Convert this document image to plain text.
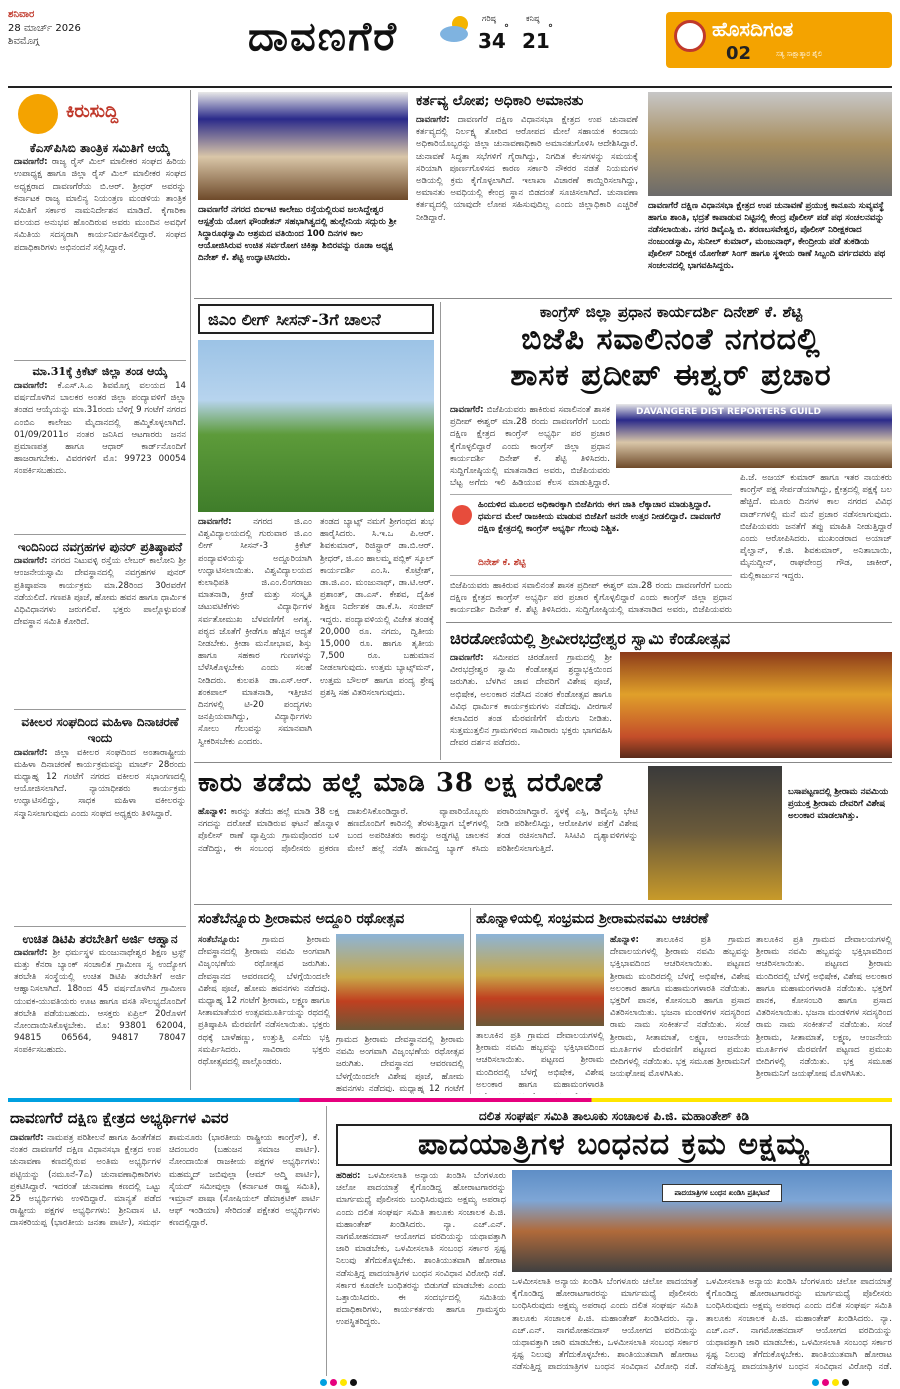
ಶನಿವಾರ
28 ಮಾರ್ಚ್ 2026
ಶಿವಮೊಗ್ಗ	ದಾವಣಗೆರೆ	ಗರಿಷ್ಠ
34
°
ಕನಿಷ್ಠ
21
°	ಹೊಸದಿಗಂತ
02	ಸತ್ಯ ಸಾಕ್ಷಾತ್ಕಾರ ಶೈಲಿ
ಕಿರುಸುದ್ದಿ
ಕೆಎಸ್‌ಪಿಸಿಬಿ ತಾಂತ್ರಿಕ ಸಮಿತಿಗೆ ಆಯ್ಕೆ
ದಾವಣಗೆರೆ: ರಾಜ್ಯ ರೈಸ್ ಮಿಲ್ ಮಾಲೀಕರ ಸಂಘದ ಹಿರಿಯ ಉಪಾಧ್ಯಕ್ಷ ಹಾಗೂ ಜಿಲ್ಲಾ ರೈಸ್ ಮಿಲ್ ಮಾಲೀಕರ ಸಂಘದ ಅಧ್ಯಕ್ಷರಾದ ದಾವಣಗೆರೆಯ ಬಿ.ಆರ್. ಶ್ರೀಧರ್ ಅವರನ್ನು ಕರ್ನಾಟಕ ರಾಜ್ಯ ಮಾಲಿನ್ಯ ನಿಯಂತ್ರಣ ಮಂಡಳಿಯ ತಾಂತ್ರಿಕ ಸಮಿತಿಗೆ ಸರ್ಕಾರ ನಾಮನಿರ್ದೇಶನ ಮಾಡಿದೆ. ಕೈಗಾರಿಕಾ ವಲಯದ ಅನುಭವ ಹೊಂದಿರುವ ಅವರು ಮುಂದಿನ ಅವಧಿಗೆ ಸಮಿತಿಯ ಸದಸ್ಯರಾಗಿ ಕಾರ್ಯನಿರ್ವಹಿಸಲಿದ್ದಾರೆ. ಸಂಘದ ಪದಾಧಿಕಾರಿಗಳು ಅಭಿನಂದನೆ ಸಲ್ಲಿಸಿದ್ದಾರೆ.
ಮಾ.31ಕ್ಕೆ ಕ್ರಿಕೆಟ್ ಜಿಲ್ಲಾ ತಂಡ ಆಯ್ಕೆ
ದಾವಣಗೆರೆ: ಕೆ.ಎಸ್.ಸಿ.ಎ ಶಿವಮೊಗ್ಗ ವಲಯದ 14 ವರ್ಷದೊಳಗಿನ ಬಾಲಕರ ಅಂತರ ಜಿಲ್ಲಾ ಪಂದ್ಯಾವಳಿಗೆ ಜಿಲ್ಲಾ ತಂಡದ ಆಯ್ಕೆಯನ್ನು ಮಾ.31ರಂದು ಬೆಳಿಗ್ಗೆ 9 ಗಂಟೆಗೆ ನಗರದ ಎಂಬಿಎ ಕಾಲೇಜು ಮೈದಾನದಲ್ಲಿ ಹಮ್ಮಿಕೊಳ್ಳಲಾಗಿದೆ. 01/09/2011ರ ನಂತರ ಜನಿಸಿದ ಆಟಗಾರರು ಜನನ ಪ್ರಮಾಣಪತ್ರ ಹಾಗೂ ಆಧಾರ್ ಕಾರ್ಡ್‌ನೊಂದಿಗೆ ಹಾಜರಾಗಬೇಕು. ವಿವರಗಳಿಗೆ ಮೊ: 99723 00054 ಸಂಪರ್ಕಿಸಬಹುದು.
ಇಂದಿನಿಂದ ನವಗ್ರಹಗಳ ಪುನರ್ ಪ್ರತಿಷ್ಠಾಪನೆ
ದಾವಣಗೆರೆ: ನಗರದ ನಿಟುವಳ್ಳಿ ರಸ್ತೆಯ ಲೇಬರ್ ಕಾಲೋನಿ ಶ್ರೀ ಆಂಜನೇಯಸ್ವಾಮಿ ದೇವಸ್ಥಾನದಲ್ಲಿ ನವಗ್ರಹಗಳ ಪುನರ್ ಪ್ರತಿಷ್ಠಾಪನಾ ಕಾರ್ಯಕ್ರಮ ಮಾ.28ರಿಂದ 30ರವರೆಗೆ ನಡೆಯಲಿದೆ. ಗಣಪತಿ ಪೂಜೆ, ಹೋಮ ಹವನ ಹಾಗೂ ಧಾರ್ಮಿಕ ವಿಧಿವಿಧಾನಗಳು ಜರುಗಲಿವೆ. ಭಕ್ತರು ಪಾಲ್ಗೊಳ್ಳುವಂತೆ ದೇವಸ್ಥಾನ ಸಮಿತಿ ಕೋರಿದೆ.
ವಕೀಲರ ಸಂಘದಿಂದ ಮಹಿಳಾ ದಿನಾಚರಣೆ ಇಂದು
ದಾವಣಗೆರೆ: ಜಿಲ್ಲಾ ವಕೀಲರ ಸಂಘದಿಂದ ಅಂತಾರಾಷ್ಟ್ರೀಯ ಮಹಿಳಾ ದಿನಾಚರಣೆ ಕಾರ್ಯಕ್ರಮವನ್ನು ಮಾರ್ಚ್ 28ರಂದು ಮಧ್ಯಾಹ್ನ 12 ಗಂಟೆಗೆ ನಗರದ ವಕೀಲರ ಸಭಾಂಗಣದಲ್ಲಿ ಆಯೋಜಿಸಲಾಗಿದೆ. ನ್ಯಾಯಾಧೀಶರು ಕಾರ್ಯಕ್ರಮ ಉದ್ಘಾಟಿಸಲಿದ್ದು, ಸಾಧಕ ಮಹಿಳಾ ವಕೀಲರನ್ನು ಸನ್ಮಾನಿಸಲಾಗುವುದು ಎಂದು ಸಂಘದ ಅಧ್ಯಕ್ಷರು ತಿಳಿಸಿದ್ದಾರೆ.
ಉಚಿತ ಡಿಟಿಪಿ ತರಬೇತಿಗೆ ಅರ್ಜಿ ಆಹ್ವಾನ
ದಾವಣಗೆರೆ: ಶ್ರೀ ಧರ್ಮಸ್ಥಳ ಮಂಜುನಾಥೇಶ್ವರ ಶಿಕ್ಷಣ ಟ್ರಸ್ಟ್ ಮತ್ತು ಕೆನರಾ ಬ್ಯಾಂಕ್ ಸಂಚಾಲಿತ ಗ್ರಾಮೀಣ ಸ್ವ ಉದ್ಯೋಗ ತರಬೇತಿ ಸಂಸ್ಥೆಯಲ್ಲಿ ಉಚಿತ ಡಿಟಿಪಿ ತರಬೇತಿಗೆ ಅರ್ಜಿ ಆಹ್ವಾನಿಸಲಾಗಿದೆ. 18ರಿಂದ 45 ವರ್ಷದೊಳಗಿನ ಗ್ರಾಮೀಣ ಯುವಕ-ಯುವತಿಯರು ಊಟ ಹಾಗೂ ವಸತಿ ಸೌಲಭ್ಯದೊಂದಿಗೆ ತರಬೇತಿ ಪಡೆಯಬಹುದು. ಆಸಕ್ತರು ಏಪ್ರಿಲ್ 20ರೊಳಗೆ ನೋಂದಾಯಿಸಿಕೊಳ್ಳಬೇಕು. ಮೊ: 93801 62004, 94815 06564, 94817 78047 ಸಂಪರ್ಕಿಸಬಹುದು.
ದಾವಣಗೆರೆ ನಗರದ ಬಿಐಇಟಿ ಕಾಲೇಜು ರಸ್ತೆಯಲ್ಲಿರುವ ಜಲಸಿದ್ದೇಶ್ವರ ಆಸ್ಪತ್ರೆಯ ಯೋಗ ಫೌಂಡೇಶನ್ ಸಹಭಾಗಿತ್ವದಲ್ಲಿ ಹುಲ್ಲೇನಿಯ ಸದ್ಗುರು ಶ್ರೀ ಸಿದ್ಧಾರೂಢಸ್ವಾಮಿ ಆಶ್ರಮದ ವತಿಯಿಂದ 100 ದಿನಗಳ ಕಾಲ ಆಯೋಜಿಸಿರುವ ಉಚಿತ ಸರ್ವರೋಗ ಚಿಕಿತ್ಸಾ ಶಿಬಿರವನ್ನು ರೂಡಾ ಅಧ್ಯಕ್ಷ ದಿನೇಶ್ ಕೆ. ಶೆಟ್ಟಿ ಉದ್ಘಾಟಿಸಿದರು.
ಕರ್ತವ್ಯ ಲೋಪ; ಅಧಿಕಾರಿ ಅಮಾನತು
ದಾವಣಗೆರೆ: ದಾವಣಗೆರೆ ದಕ್ಷಿಣ ವಿಧಾನಸಭಾ ಕ್ಷೇತ್ರದ ಉಪ ಚುನಾವಣೆ ಕರ್ತವ್ಯದಲ್ಲಿ ನಿರ್ಲಕ್ಷ್ಯ ತೋರಿದ ಆರೋಪದ ಮೇಲೆ ಸಹಾಯಕ ಕಂದಾಯ ಅಧಿಕಾರಿಯೊಬ್ಬರನ್ನು ಜಿಲ್ಲಾ ಚುನಾವಣಾಧಿಕಾರಿ ಅಮಾನತುಗೊಳಿಸಿ ಆದೇಶಿಸಿದ್ದಾರೆ. ಚುನಾವಣೆ ಸಿದ್ಧತಾ ಸಭೆಗಳಿಗೆ ಗೈರಾಗಿದ್ದು, ನಿಗದಿತ ಕೆಲಸಗಳನ್ನು ಸಮಯಕ್ಕೆ ಸರಿಯಾಗಿ ಪೂರ್ಣಗೊಳಿಸದ ಕಾರಣ ಸರ್ಕಾರಿ ನೌಕರರ ನಡತೆ ನಿಯಮಗಳ ಅಡಿಯಲ್ಲಿ ಕ್ರಮ ಕೈಗೊಳ್ಳಲಾಗಿದೆ. ಇಲಾಖಾ ವಿಚಾರಣೆ ಕಾಯ್ದಿರಿಸಲಾಗಿದ್ದು, ಅಮಾನತು ಅವಧಿಯಲ್ಲಿ ಕೇಂದ್ರ ಸ್ಥಾನ ಬಿಡದಂತೆ ಸೂಚಿಸಲಾಗಿದೆ. ಚುನಾವಣಾ ಕರ್ತವ್ಯದಲ್ಲಿ ಯಾವುದೇ ಲೋಪ ಸಹಿಸುವುದಿಲ್ಲ ಎಂದು ಜಿಲ್ಲಾಧಿಕಾರಿ ಎಚ್ಚರಿಕೆ ನೀಡಿದ್ದಾರೆ.
ದಾವಣಗೆರೆ ದಕ್ಷಿಣ ವಿಧಾನಸಭಾ ಕ್ಷೇತ್ರದ ಉಪ ಚುನಾವಣೆ ಪ್ರಯುಕ್ತ ಕಾನೂನು ಸುವ್ಯವಸ್ಥೆ ಹಾಗೂ ಶಾಂತಿ, ಭದ್ರತೆ ಕಾಪಾಡುವ ನಿಟ್ಟಿನಲ್ಲಿ ಕೇಂದ್ರ ಪೊಲೀಸ್ ಪಡೆ ಪಥ ಸಂಚಲನವನ್ನು ನಡೆಸಲಾಯಿತು. ನಗರ ಡಿವೈಎಸ್ಪಿ ಬಿ. ಶರಣಬಸವೇಶ್ವರ, ಪೊಲೀಸ್ ನಿರೀಕ್ಷಕರಾದ ನಂಜುಂಡಸ್ವಾಮಿ, ಸುನೀಲ್ ಕುಮಾರ್, ಮಂಜುನಾಥ್, ಕೇಂದ್ರೀಯ ಪಡೆ ತುಕಡಿಯ ಪೊಲೀಸ್ ನಿರೀಕ್ಷಕ ಯೋಗೇಶ್ ಸಿಂಗ್ ಹಾಗೂ ಸ್ಥಳೀಯ ಠಾಣೆ ಸಿಬ್ಬಂದಿ ವರ್ಗದವರು ಪಥ ಸಂಚಲನದಲ್ಲಿ ಭಾಗವಹಿಸಿದ್ದರು.
ಜಿಎಂ ಲೀಗ್ ಸೀಸನ್-3ಗೆ ಚಾಲನೆ
ದಾವಣಗೆರೆ:	ನಗರದ ಜಿ.ಎಂ ವಿಶ್ವವಿದ್ಯಾಲಯದಲ್ಲಿ ಗುರುವಾರ ಜಿ.ಎಂ ಲೀಗ್ ಸೀಸನ್-3 ಕ್ರಿಕೆಟ್ ಪಂದ್ಯಾವಳಿಯನ್ನು ಅದ್ದೂರಿಯಾಗಿ ಉದ್ಘಾಟಿಸಲಾಯಿತು. ವಿಶ್ವವಿದ್ಯಾಲಯದ ಕುಲಾಧಿಪತಿ ಜಿ.ಎಂ.ಲಿಂಗರಾಜು ಮಾತನಾಡಿ, ಕ್ರೀಡೆ ಮತ್ತು ಸಂಸ್ಕೃತಿ ಚಟುವಟಿಕೆಗಳು ವಿದ್ಯಾರ್ಥಿಗಳ ಸರ್ವತೋಮುಖ ಬೆಳವಣಿಗೆಗೆ ಅಗತ್ಯ. ಪಠ್ಯದ ಜೊತೆಗೆ ಕ್ರೀಡೆಗೂ ಹೆಚ್ಚಿನ ಆದ್ಯತೆ ನೀಡಬೇಕು. ಕ್ರೀಡಾ ಮನೋಭಾವ, ಶಿಸ್ತು ಹಾಗೂ ಸಹಕಾರ ಗುಣಗಳನ್ನು ಬೆಳೆಸಿಕೊಳ್ಳಬೇಕು ಎಂದು ಸಲಹೆ ನೀಡಿದರು. ಕುಲಪತಿ ಡಾ.ಎಸ್.ಆರ್. ಶಂಕಪಾಲ್ ಮಾತನಾಡಿ, ಇತ್ತೀಚಿನ ದಿನಗಳಲ್ಲಿ ಟಿ-20 ಪಂದ್ಯಗಳು ಜನಪ್ರಿಯವಾಗಿದ್ದು, ವಿದ್ಯಾರ್ಥಿಗಳು ಸೋಲು ಗೆಲುವನ್ನು ಸಮಾನವಾಗಿ ಸ್ವೀಕರಿಸಬೇಕು ಎಂದರು.
ತಂಡದ ಬ್ಯಾಟ್ಸ್ ನಮಗೆ ಶ್ರೀಗಂಧದ ಶುಭ ಹಾರೈಸಿದರು. ಸಿ.ಇ.ಒ ಪಿ.ಆರ್. ಶಿವಕುಮಾರ್, ರಿಜಿಸ್ಟ್ರಾರ್ ಡಾ.ಬಿ.ಆರ್. ಶ್ರೀಧರ್, ಜಿ.ಎಂ ಹಾಲಮ್ಮ ಪಬ್ಲಿಕ್ ಸ್ಕೂಲ್ ಕಾರ್ಯದರ್ಶಿ ಎಂ.ಸಿ. ಕೊಟ್ರೇಶ್, ಡಾ.ಜಿ.ಎಂ. ಮಂಜುನಾಥ್, ಡಾ.ಟಿ.ಆರ್. ಪ್ರಶಾಂತ್, ಡಾ.ಎಸ್. ಕೇಶವ, ದೈಹಿಕ ಶಿಕ್ಷಣ ನಿರ್ದೇಶಕ ಡಾ.ಕೆ.ಸಿ. ಸಂಜೀವ್ ಇದ್ದರು. ಪಂದ್ಯಾವಳಿಯಲ್ಲಿ ವಿಜೇತ ತಂಡಕ್ಕೆ 20,000 ರೂ. ನಗದು, ದ್ವಿತೀಯ 15,000 ರೂ. ಹಾಗೂ ತೃತೀಯ 7,500 ರೂ. ಬಹುಮಾನ ನೀಡಲಾಗುವುದು. ಉತ್ತಮ ಬ್ಯಾಟ್ಸ್‌ಮನ್, ಉತ್ತಮ ಬೌಲರ್ ಹಾಗೂ ಪಂದ್ಯ ಶ್ರೇಷ್ಠ ಪ್ರಶಸ್ತಿ ಸಹ ವಿತರಿಸಲಾಗುವುದು.
ಕಾಂಗ್ರೆಸ್ ಜಿಲ್ಲಾ ಪ್ರಧಾನ ಕಾರ್ಯದರ್ಶಿ ದಿನೇಶ್ ಕೆ. ಶೆಟ್ಟಿ
ಬಿಜೆಪಿ ಸವಾಲಿನಂತೆ ನಗರದಲ್ಲಿ
ಶಾಸಕ ಪ್ರದೀಪ್ ಈಶ್ವರ್ ಪ್ರಚಾರ
ದಾವಣಗೆರೆ: ಬಿಜೆಪಿಯವರು ಹಾಕಿರುವ ಸವಾಲಿನಂತೆ ಶಾಸಕ ಪ್ರದೀಪ್ ಈಶ್ವರ್ ಮಾ.28 ರಂದು ದಾವಣಗೆರೆಗೆ ಬಂದು ದಕ್ಷಿಣ ಕ್ಷೇತ್ರದ ಕಾಂಗ್ರೆಸ್ ಅಭ್ಯರ್ಥಿ ಪರ ಪ್ರಚಾರ ಕೈಗೊಳ್ಳಲಿದ್ದಾರೆ ಎಂದು ಕಾಂಗ್ರೆಸ್ ಜಿಲ್ಲಾ ಪ್ರಧಾನ ಕಾರ್ಯದರ್ಶಿ ದಿನೇಶ್ ಕೆ. ಶೆಟ್ಟಿ ತಿಳಿಸಿದರು. ಸುದ್ದಿಗೋಷ್ಠಿಯಲ್ಲಿ ಮಾತನಾಡಿದ ಅವರು, ಬಿಜೆಪಿಯವರು ಬೆಟ್ಟ ಅಗೆದು ಇಲಿ ಹಿಡಿಯುವ ಕೆಲಸ ಮಾಡುತ್ತಿದ್ದಾರೆ.
DAVANGERE DIST REPORTERS GUILD
ಹಿಂದುಳಿದ ಮೂಲದ ಅಧಿಕಾರಕ್ಕಾಗಿ ಬಿಜೆಪಿಗರು ಈಗ ಜಾತಿ ಲೆಕ್ಕಾಚಾರ ಮಾಡುತ್ತಿದ್ದಾರೆ. ಧರ್ಮದ ಮೇಲೆ ರಾಜಕೀಯ ಮಾಡುವ ಬಿಜೆಪಿಗೆ ಜನರೇ ಉತ್ತರ ನೀಡಲಿದ್ದಾರೆ. ದಾವಣಗೆರೆ ದಕ್ಷಿಣ ಕ್ಷೇತ್ರದಲ್ಲಿ ಕಾಂಗ್ರೆಸ್ ಅಭ್ಯರ್ಥಿ ಗೆಲುವು ನಿಶ್ಚಿತ.
ದಿನೇಶ್ ಕೆ. ಶೆಟ್ಟಿ
ಪಿ.ಜೆ. ಅಜಯ್ ಕುಮಾರ್ ಹಾಗೂ ಇತರ ನಾಯಕರು ಕಾಂಗ್ರೆಸ್ ಪಕ್ಷ ಸೇರ್ಪಡೆಯಾಗಿದ್ದು, ಕ್ಷೇತ್ರದಲ್ಲಿ ಪಕ್ಷಕ್ಕೆ ಬಲ ಹೆಚ್ಚಿದೆ. ಮೂರು ದಿನಗಳ ಕಾಲ ನಗರದ ವಿವಿಧ ವಾರ್ಡ್‌ಗಳಲ್ಲಿ ಮನೆ ಮನೆ ಪ್ರಚಾರ ನಡೆಸಲಾಗುವುದು. ಬಿಜೆಪಿಯವರು ಜನತೆಗೆ ತಪ್ಪು ಮಾಹಿತಿ ನೀಡುತ್ತಿದ್ದಾರೆ ಎಂದು ಆರೋಪಿಸಿದರು. ಮುಖಂಡರಾದ ಅಯಾಜ್ ಪೈಲ್ವಾನ್, ಕೆ.ಜಿ. ಶಿವಕುಮಾರ್, ಅನಿತಾಬಾಯಿ, ಮೈನುದ್ದೀನ್, ರಾಘವೇಂದ್ರ ಗೌಡ, ಜಾಕೀರ್, ಮಲ್ಲಿಕಾರ್ಜುನ ಇದ್ದರು.
ಬಿಜೆಪಿಯವರು ಹಾಕಿರುವ ಸವಾಲಿನಂತೆ ಶಾಸಕ ಪ್ರದೀಪ್ ಈಶ್ವರ್ ಮಾ.28 ರಂದು ದಾವಣಗೆರೆಗೆ ಬಂದು ದಕ್ಷಿಣ ಕ್ಷೇತ್ರದ ಕಾಂಗ್ರೆಸ್ ಅಭ್ಯರ್ಥಿ ಪರ ಪ್ರಚಾರ ಕೈಗೊಳ್ಳಲಿದ್ದಾರೆ ಎಂದು ಕಾಂಗ್ರೆಸ್ ಜಿಲ್ಲಾ ಪ್ರಧಾನ ಕಾರ್ಯದರ್ಶಿ ದಿನೇಶ್ ಕೆ. ಶೆಟ್ಟಿ ತಿಳಿಸಿದರು. ಸುದ್ದಿಗೋಷ್ಠಿಯಲ್ಲಿ ಮಾತನಾಡಿದ ಅವರು, ಬಿಜೆಪಿಯವರು
ಚಿರಡೋಣಿಯಲ್ಲಿ ಶ್ರೀವೀರಭದ್ರೇಶ್ವರ ಸ್ವಾಮಿ ಕೆಂಡೋತ್ಸವ
ದಾವಣಗೆರೆ: ಸಮೀಪದ ಚಿರಡೋಣಿ ಗ್ರಾಮದಲ್ಲಿ ಶ್ರೀ ವೀರಭದ್ರೇಶ್ವರ ಸ್ವಾಮಿ ಕೆಂಡೋತ್ಸವ ಶ್ರದ್ಧಾಭಕ್ತಿಯಿಂದ ಜರುಗಿತು. ಬೆಳಗಿನ ಜಾವ ದೇವರಿಗೆ ವಿಶೇಷ ಪೂಜೆ, ಅಭಿಷೇಕ, ಅಲಂಕಾರ ನಡೆಸಿದ ನಂತರ ಕೆಂಡೋತ್ಸವ ಹಾಗೂ ವಿವಿಧ ಧಾರ್ಮಿಕ ಕಾರ್ಯಕ್ರಮಗಳು ನಡೆದವು. ವೀರಗಾಸೆ ಕಲಾವಿದರ ತಂಡ ಮೆರವಣಿಗೆಗೆ ಮೆರುಗು ನೀಡಿತು. ಸುತ್ತಮುತ್ತಲಿನ ಗ್ರಾಮಗಳಿಂದ ಸಾವಿರಾರು ಭಕ್ತರು ಭಾಗವಹಿಸಿ ದೇವರ ದರ್ಶನ ಪಡೆದರು.
ಕಾರು ತಡೆದು ಹಲ್ಲೆ ಮಾಡಿ 38 ಲಕ್ಷ ದರೋಡೆ
ಹೊನ್ನಾಳಿ: ಕಾರನ್ನು ತಡೆದು ಹಲ್ಲೆ ಮಾಡಿ 38 ಲಕ್ಷ ನಗದನ್ನು ದರೋಡೆ ಮಾಡಿರುವ ಘಟನೆ ಹೊನ್ನಾಳಿ ಪೊಲೀಸ್ ಠಾಣೆ ವ್ಯಾಪ್ತಿಯ ಗ್ರಾಮವೊಂದರ ಬಳಿ ನಡೆದಿದ್ದು, ಈ ಸಂಬಂಧ ಪೊಲೀಸರು ಪ್ರಕರಣ ದಾಖಲಿಸಿಕೊಂಡಿದ್ದಾರೆ. ವ್ಯಾಪಾರಿಯೊಬ್ಬರು ಹಣದೊಂದಿಗೆ ಕಾರಿನಲ್ಲಿ ತೆರಳುತ್ತಿದ್ದಾಗ ಬೈಕ್‌ಗಳಲ್ಲಿ ಬಂದ ಅಪರಿಚಿತರು ಕಾರನ್ನು ಅಡ್ಡಗಟ್ಟಿ ಚಾಲಕನ ಮೇಲೆ ಹಲ್ಲೆ ನಡೆಸಿ ಹಣವಿದ್ದ ಬ್ಯಾಗ್ ಕಸಿದು ಪರಾರಿಯಾಗಿದ್ದಾರೆ. ಸ್ಥಳಕ್ಕೆ ಎಸ್ಪಿ, ಡಿವೈಎಸ್ಪಿ ಭೇಟಿ ನೀಡಿ ಪರಿಶೀಲಿಸಿದ್ದು, ಆರೋಪಿಗಳ ಪತ್ತೆಗೆ ವಿಶೇಷ ತಂಡ ರಚಿಸಲಾಗಿದೆ. ಸಿಸಿಟಿವಿ ದೃಶ್ಯಾವಳಿಗಳನ್ನು ಪರಿಶೀಲಿಸಲಾಗುತ್ತಿದೆ.
ಬಸಾಪಟ್ಟಣದಲ್ಲಿ ಶ್ರೀರಾಮ ನವಮಿಯ ಪ್ರಯುಕ್ತ ಶ್ರೀರಾಮ ದೇವರಿಗೆ ವಿಶೇಷ ಅಲಂಕಾರ ಮಾಡಲಾಗಿತ್ತು.
ಸಂತೆಬೆನ್ನೂರು ಶ್ರೀರಾಮನ ಅದ್ದೂರಿ ರಥೋತ್ಸವ
ಸಂತೆಬೆನ್ನೂರು:	ಗ್ರಾಮದ ಶ್ರೀರಾಮ ದೇವಸ್ಥಾನದಲ್ಲಿ ಶ್ರೀರಾಮ ನವಮಿ ಅಂಗವಾಗಿ ವಿಜೃಂಭಣೆಯ ರಥೋತ್ಸವ ಜರುಗಿತು. ದೇವಸ್ಥಾನದ ಆವರಣದಲ್ಲಿ ಬೆಳಗ್ಗೆಯಿಂದಲೇ ವಿಶೇಷ ಪೂಜೆ, ಹೋಮ ಹವನಗಳು ನಡೆದವು. ಮಧ್ಯಾಹ್ನ 12 ಗಂಟೆಗೆ ಶ್ರೀರಾಮ, ಲಕ್ಷ್ಮಣ ಹಾಗೂ ಸೀತಾಮಾತೆಯರ ಉತ್ಸವಮೂರ್ತಿಯನ್ನು ರಥದಲ್ಲಿ ಪ್ರತಿಷ್ಠಾಪಿಸಿ ಮೆರವಣಿಗೆ ನಡೆಸಲಾಯಿತು. ಭಕ್ತರು ರಥಕ್ಕೆ ಬಾಳೆಹಣ್ಣು, ಉತ್ತುತ್ತಿ ಎಸೆದು ಭಕ್ತಿ ಸಮರ್ಪಿಸಿದರು. ಸಾವಿರಾರು ಭಕ್ತರು ರಥೋತ್ಸವದಲ್ಲಿ ಪಾಲ್ಗೊಂಡರು.
ಗ್ರಾಮದ ಶ್ರೀರಾಮ ದೇವಸ್ಥಾನದಲ್ಲಿ ಶ್ರೀರಾಮ ನವಮಿ ಅಂಗವಾಗಿ ವಿಜೃಂಭಣೆಯ ರಥೋತ್ಸವ ಜರುಗಿತು. ದೇವಸ್ಥಾನದ ಆವರಣದಲ್ಲಿ ಬೆಳಗ್ಗೆಯಿಂದಲೇ ವಿಶೇಷ ಪೂಜೆ, ಹೋಮ ಹವನಗಳು ನಡೆದವು. ಮಧ್ಯಾಹ್ನ 12 ಗಂಟೆಗೆ
ಹೊನ್ನಾಳಿಯಲ್ಲಿ ಸಂಭ್ರಮದ ಶ್ರೀರಾಮನವಮಿ ಆಚರಣೆ
ಹೊನ್ನಾಳಿ: ತಾಲೂಕಿನ ಪ್ರತಿ ಗ್ರಾಮದ ದೇವಾಲಯಗಳಲ್ಲಿ ಶ್ರೀರಾಮ ನವಮಿ ಹಬ್ಬವನ್ನು ಭಕ್ತಿಭಾವದಿಂದ ಆಚರಿಸಲಾಯಿತು. ಪಟ್ಟಣದ ಶ್ರೀರಾಮ ಮಂದಿರದಲ್ಲಿ ಬೆಳಗ್ಗೆ ಅಭಿಷೇಕ, ವಿಶೇಷ ಅಲಂಕಾರ ಹಾಗೂ ಮಹಾಮಂಗಳಾರತಿ ನಡೆಯಿತು. ಭಕ್ತರಿಗೆ ಪಾನಕ, ಕೋಸಂಬರಿ ಹಾಗೂ ಪ್ರಸಾದ ವಿತರಿಸಲಾಯಿತು. ಭಜನಾ ಮಂಡಳಿಗಳ ಸದಸ್ಯರಿಂದ ರಾಮ ನಾಮ ಸಂಕೀರ್ತನೆ ನಡೆಯಿತು. ಸಂಜೆ ಶ್ರೀರಾಮ, ಸೀತಾಮಾತೆ, ಲಕ್ಷ್ಮಣ, ಆಂಜನೇಯ ಮೂರ್ತಿಗಳ ಮೆರವಣಿಗೆ ಪಟ್ಟಣದ ಪ್ರಮುಖ ಬೀದಿಗಳಲ್ಲಿ ನಡೆಯಿತು. ಭಕ್ತ ಸಮೂಹ ಶ್ರೀರಾಮನಿಗೆ ಜಯಘೋಷ ಮೊಳಗಿಸಿತು.
ತಾಲೂಕಿನ ಪ್ರತಿ ಗ್ರಾಮದ ದೇವಾಲಯಗಳಲ್ಲಿ ಶ್ರೀರಾಮ ನವಮಿ ಹಬ್ಬವನ್ನು ಭಕ್ತಿಭಾವದಿಂದ ಆಚರಿಸಲಾಯಿತು. ಪಟ್ಟಣದ ಶ್ರೀರಾಮ ಮಂದಿರದಲ್ಲಿ ಬೆಳಗ್ಗೆ ಅಭಿಷೇಕ, ವಿಶೇಷ ಅಲಂಕಾರ ಹಾಗೂ ಮಹಾಮಂಗಳಾರತಿ ನಡೆಯಿತು. ಭಕ್ತರಿಗೆ ಪಾನಕ, ಕೋಸಂಬರಿ ಹಾಗೂ ಪ್ರಸಾದ ವಿತರಿಸಲಾಯಿತು. ಭಜನಾ ಮಂಡಳಿಗಳ ಸದಸ್ಯರಿಂದ ರಾಮ ನಾಮ ಸಂಕೀರ್ತನೆ ನಡೆಯಿತು. ಸಂಜೆ ಶ್ರೀರಾಮ, ಸೀತಾಮಾತೆ, ಲಕ್ಷ್ಮಣ, ಆಂಜನೇಯ ಮೂರ್ತಿಗಳ ಮೆರವಣಿಗೆ ಪಟ್ಟಣದ ಪ್ರಮುಖ ಬೀದಿಗಳಲ್ಲಿ ನಡೆಯಿತು. ಭಕ್ತ ಸಮೂಹ ಶ್ರೀರಾಮನಿಗೆ ಜಯಘೋಷ ಮೊಳಗಿಸಿತು.
ತಾಲೂಕಿನ ಪ್ರತಿ ಗ್ರಾಮದ ದೇವಾಲಯಗಳಲ್ಲಿ ಶ್ರೀರಾಮ ನವಮಿ ಹಬ್ಬವನ್ನು ಭಕ್ತಿಭಾವದಿಂದ ಆಚರಿಸಲಾಯಿತು. ಪಟ್ಟಣದ ಶ್ರೀರಾಮ ಮಂದಿರದಲ್ಲಿ ಬೆಳಗ್ಗೆ ಅಭಿಷೇಕ, ವಿಶೇಷ ಅಲಂಕಾರ ಹಾಗೂ ಮಹಾಮಂಗಳಾರತಿ
ದಾವಣಗೆರೆ ದಕ್ಷಿಣ ಕ್ಷೇತ್ರದ ಅಭ್ಯರ್ಥಿಗಳ ವಿವರ
ದಾವಣಗೆರೆ: ನಾಮಪತ್ರ ಪರಿಶೀಲನೆ ಹಾಗೂ ಹಿಂತೆಗೆತದ ನಂತರ ದಾವಣಗೆರೆ ದಕ್ಷಿಣ ವಿಧಾನಸಭಾ ಕ್ಷೇತ್ರದ ಉಪ ಚುನಾವಣಾ ಕಣದಲ್ಲಿರುವ ಅಂತಿಮ ಅಭ್ಯರ್ಥಿಗಳ ಪಟ್ಟಿಯನ್ನು (ನಮೂನೆ-7ಎ) ಚುನಾವಣಾಧಿಕಾರಿಗಳು ಪ್ರಕಟಿಸಿದ್ದಾರೆ. ಇದರಂತೆ ಚುನಾವಣಾ ಕಣದಲ್ಲಿ ಒಟ್ಟು 25 ಅಭ್ಯರ್ಥಿಗಳು ಉಳಿದಿದ್ದಾರೆ. ಮಾನ್ಯತೆ ಪಡೆದ ರಾಷ್ಟ್ರೀಯ ಪಕ್ಷಗಳ ಅಭ್ಯರ್ಥಿಗಳು: ಶ್ರೀನಿವಾಸ ಟಿ. ದಾಸಕರಿಯಪ್ಪ (ಭಾರತೀಯ ಜನತಾ ಪಾರ್ಟಿ), ಸಮರ್ಥ ಶಾಮನೂರು (ಭಾರತೀಯ ರಾಷ್ಟ್ರೀಯ ಕಾಂಗ್ರೆಸ್), ಕೆ. ಚಿದಂಬರಂ (ಬಹುಜನ ಸಮಾಜ ಪಾರ್ಟಿ). ನೋಂದಾಯಿತ ರಾಜಕೀಯ ಪಕ್ಷಗಳ ಅಭ್ಯರ್ಥಿಗಳು: ಮಹಮ್ಮದ್ ಜಬಿವುಲ್ಲಾ (ಆಮ್ ಆದ್ಮಿ ಪಾರ್ಟಿ), ಸೈಯದ್ ಸಮೀವುಲ್ಲಾ (ಕರ್ನಾಟಕ ರಾಷ್ಟ್ರ ಸಮಿತಿ), ಇಮ್ರಾನ್ ಪಾಷಾ (ಸೋಷಿಯಲ್ ಡೆಮಾಕ್ರಟಿಕ್ ಪಾರ್ಟಿ ಆಫ್ ಇಂಡಿಯಾ) ಸೇರಿದಂತೆ ಪಕ್ಷೇತರ ಅಭ್ಯರ್ಥಿಗಳು ಕಣದಲ್ಲಿದ್ದಾರೆ.
ದಲಿತ ಸಂಘರ್ಷ ಸಮಿತಿ ತಾಲೂಕು ಸಂಚಾಲಕ ಪಿ.ಜಿ. ಮಹಾಂತೇಶ್ ಕಿಡಿ
ಪಾದಯಾತ್ರಿಗಳ ಬಂಧನದ ಕ್ರಮ ಅಕ್ಷಮ್ಯ
ಹರಿಹರ: ಒಳಮೀಸಲಾತಿ ಅನ್ಯಾಯ ಖಂಡಿಸಿ ಬೆಂಗಳೂರು ಚಲೋ ಪಾದಯಾತ್ರೆ ಕೈಗೊಂಡಿದ್ದ ಹೋರಾಟಗಾರರನ್ನು ಮಾರ್ಗಮಧ್ಯೆ ಪೊಲೀಸರು ಬಂಧಿಸಿರುವುದು ಅಕ್ಷಮ್ಯ ಅಪರಾಧ ಎಂದು ದಲಿತ ಸಂಘರ್ಷ ಸಮಿತಿ ತಾಲೂಕು ಸಂಚಾಲಕ ಪಿ.ಜಿ. ಮಹಾಂತೇಶ್ ಖಂಡಿಸಿದರು. ನ್ಯಾ. ಎಚ್.ಎನ್. ನಾಗಮೋಹನದಾಸ್ ಆಯೋಗದ ವರದಿಯನ್ನು ಯಥಾವತ್ತಾಗಿ ಜಾರಿ ಮಾಡಬೇಕು, ಒಳಮೀಸಲಾತಿ ಸಂಬಂಧ ಸರ್ಕಾರ ಸ್ಪಷ್ಟ ನಿಲುವು ತೆಗೆದುಕೊಳ್ಳಬೇಕು. ಶಾಂತಿಯುತವಾಗಿ ಹೋರಾಟ ನಡೆಸುತ್ತಿದ್ದ ಪಾದಯಾತ್ರಿಗಳ ಬಂಧನ ಸಂವಿಧಾನ ವಿರೋಧಿ ನಡೆ. ಸರ್ಕಾರ ಕೂಡಲೇ ಬಂಧಿತರನ್ನು ಬಿಡುಗಡೆ ಮಾಡಬೇಕು ಎಂದು ಒತ್ತಾಯಿಸಿದರು. ಈ ಸಂದರ್ಭದಲ್ಲಿ ಸಮಿತಿಯ ಪದಾಧಿಕಾರಿಗಳು, ಕಾರ್ಯಕರ್ತರು ಹಾಗೂ ಗ್ರಾಮಸ್ಥರು ಉಪಸ್ಥಿತರಿದ್ದರು.
ಪಾದಯಾತ್ರಿಗಳ ಬಂಧನ ಖಂಡಿಸಿ ಪ್ರತಿಭಟನೆ
ಒಳಮೀಸಲಾತಿ ಅನ್ಯಾಯ ಖಂಡಿಸಿ ಬೆಂಗಳೂರು ಚಲೋ ಪಾದಯಾತ್ರೆ ಕೈಗೊಂಡಿದ್ದ ಹೋರಾಟಗಾರರನ್ನು ಮಾರ್ಗಮಧ್ಯೆ ಪೊಲೀಸರು ಬಂಧಿಸಿರುವುದು ಅಕ್ಷಮ್ಯ ಅಪರಾಧ ಎಂದು ದಲಿತ ಸಂಘರ್ಷ ಸಮಿತಿ ತಾಲೂಕು ಸಂಚಾಲಕ ಪಿ.ಜಿ. ಮಹಾಂತೇಶ್ ಖಂಡಿಸಿದರು. ನ್ಯಾ. ಎಚ್.ಎನ್. ನಾಗಮೋಹನದಾಸ್ ಆಯೋಗದ ವರದಿಯನ್ನು ಯಥಾವತ್ತಾಗಿ ಜಾರಿ ಮಾಡಬೇಕು, ಒಳಮೀಸಲಾತಿ ಸಂಬಂಧ ಸರ್ಕಾರ ಸ್ಪಷ್ಟ ನಿಲುವು ತೆಗೆದುಕೊಳ್ಳಬೇಕು. ಶಾಂತಿಯುತವಾಗಿ ಹೋರಾಟ ನಡೆಸುತ್ತಿದ್ದ ಪಾದಯಾತ್ರಿಗಳ ಬಂಧನ ಸಂವಿಧಾನ ವಿರೋಧಿ ನಡೆ.
ಒಳಮೀಸಲಾತಿ ಅನ್ಯಾಯ ಖಂಡಿಸಿ ಬೆಂಗಳೂರು ಚಲೋ ಪಾದಯಾತ್ರೆ ಕೈಗೊಂಡಿದ್ದ ಹೋರಾಟಗಾರರನ್ನು ಮಾರ್ಗಮಧ್ಯೆ ಪೊಲೀಸರು ಬಂಧಿಸಿರುವುದು ಅಕ್ಷಮ್ಯ ಅಪರಾಧ ಎಂದು ದಲಿತ ಸಂಘರ್ಷ ಸಮಿತಿ ತಾಲೂಕು ಸಂಚಾಲಕ ಪಿ.ಜಿ. ಮಹಾಂತೇಶ್ ಖಂಡಿಸಿದರು. ನ್ಯಾ. ಎಚ್.ಎನ್. ನಾಗಮೋಹನದಾಸ್ ಆಯೋಗದ ವರದಿಯನ್ನು ಯಥಾವತ್ತಾಗಿ ಜಾರಿ ಮಾಡಬೇಕು, ಒಳಮೀಸಲಾತಿ ಸಂಬಂಧ ಸರ್ಕಾರ ಸ್ಪಷ್ಟ ನಿಲುವು ತೆಗೆದುಕೊಳ್ಳಬೇಕು. ಶಾಂತಿಯುತವಾಗಿ ಹೋರಾಟ ನಡೆಸುತ್ತಿದ್ದ ಪಾದಯಾತ್ರಿಗಳ ಬಂಧನ ಸಂವಿಧಾನ ವಿರೋಧಿ ನಡೆ.
